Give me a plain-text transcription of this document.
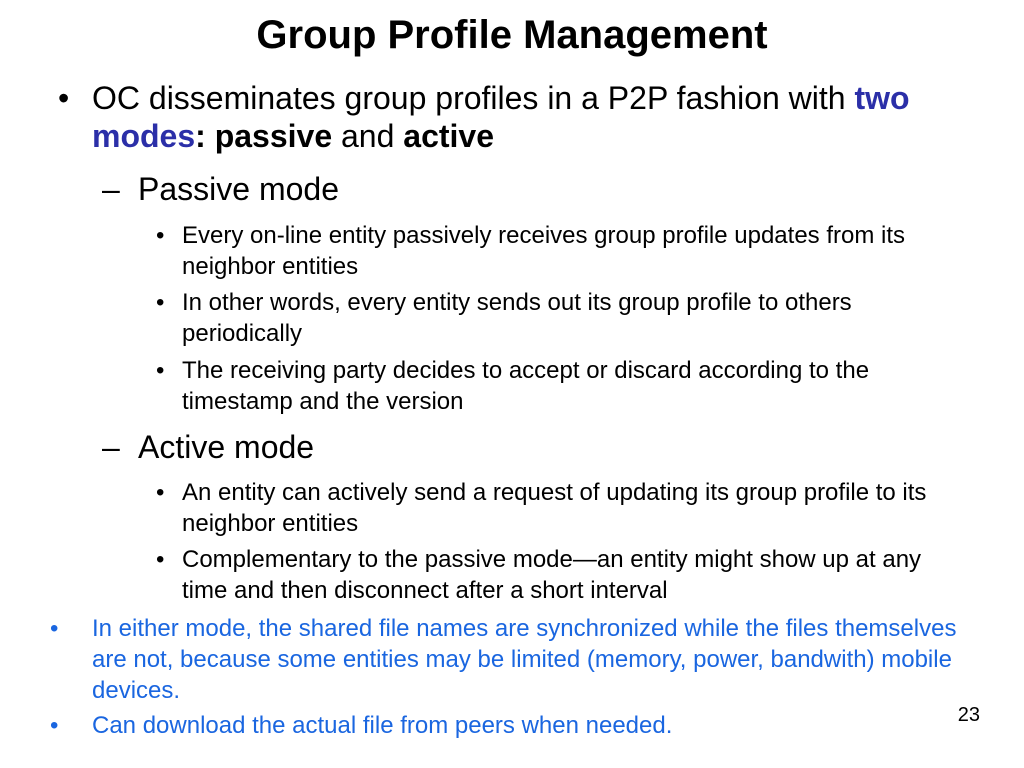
Group Profile Management
• OC disseminates group profiles in a P2P fashion with two modes: passive and active
– Passive mode
• Every on-line entity passively receives group profile updates from its neighbor entities
• In other words, every entity sends out its group profile to others periodically
• The receiving party decides to accept or discard according to the timestamp and the version
– Active mode
• An entity can actively send a request of updating its group profile to its neighbor entities
• Complementary to the passive mode—an entity might show up at any time and then disconnect after a short interval
• In either mode, the shared file names are synchronized while the files themselves are not, because some entities may be limited (memory, power, bandwith) mobile devices.
• Can download the actual file from peers when needed.	23
